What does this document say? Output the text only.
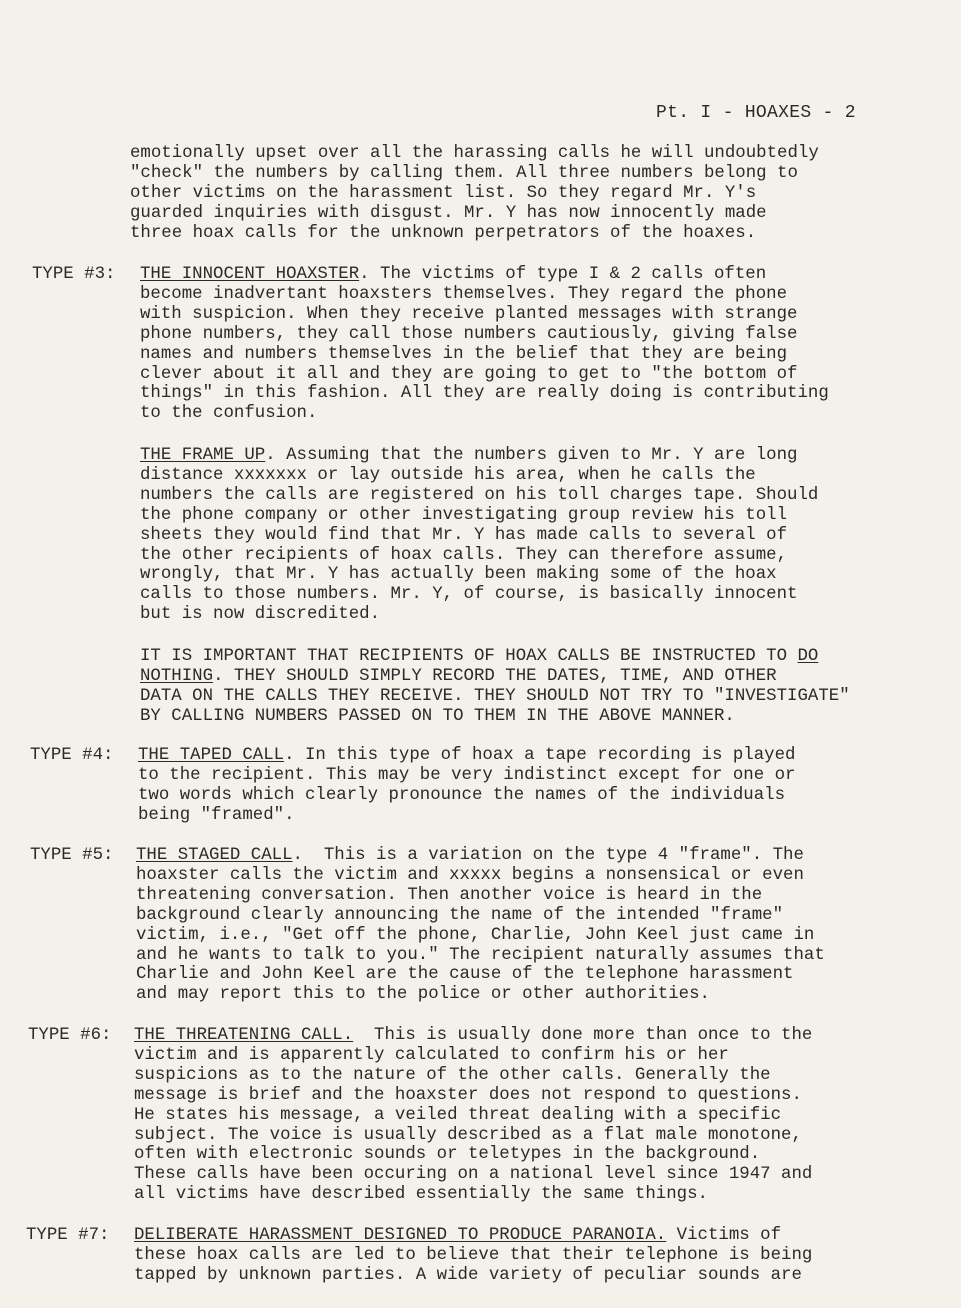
Pt. I - HOAXES - 2
emotionally upset over all the harassing calls he will undoubtedly
"check" the numbers by calling them. All three numbers belong to
other victims on the harassment list. So they regard Mr. Y's
guarded inquiries with disgust. Mr. Y has now innocently made
three hoax calls for the unknown perpetrators of the hoaxes.
TYPE #3: THE INNOCENT HOAXSTER. The victims of type I & 2 calls often
become inadvertant hoaxsters themselves. They regard the phone
with suspicion. When they receive planted messages with strange
phone numbers, they call those numbers cautiously, giving false
names and numbers themselves in the belief that they are being
clever about it all and they are going to get to "the bottom of
things" in this fashion. All they are really doing is contributing
to the confusion.
THE FRAME UP. Assuming that the numbers given to Mr. Y are long
distance xxxxxxx or lay outside his area, when he calls the
numbers the calls are registered on his toll charges tape. Should
the phone company or other investigating group review his toll
sheets they would find that Mr. Y has made calls to several of
the other recipients of hoax calls. They can therefore assume,
wrongly, that Mr. Y has actually been making some of the hoax
calls to those numbers. Mr. Y, of course, is basically innocent
but is now discredited.
IT IS IMPORTANT THAT RECIPIENTS OF HOAX CALLS BE INSTRUCTED TO DO
NOTHING. THEY SHOULD SIMPLY RECORD THE DATES, TIME, AND OTHER
DATA ON THE CALLS THEY RECEIVE. THEY SHOULD NOT TRY TO "INVESTIGATE"
BY CALLING NUMBERS PASSED ON TO THEM IN THE ABOVE MANNER.
TYPE #4: THE TAPED CALL. In this type of hoax a tape recording is played
to the recipient. This may be very indistinct except for one or
two words which clearly pronounce the names of the individuals
being "framed".
TYPE #5: THE STAGED CALL.  This is a variation on the type 4 "frame". The
hoaxster calls the victim and xxxxx begins a nonsensical or even
threatening conversation. Then another voice is heard in the
background clearly announcing the name of the intended "frame"
victim, i.e., "Get off the phone, Charlie, John Keel just came in
and he wants to talk to you." The recipient naturally assumes that
Charlie and John Keel are the cause of the telephone harassment
and may report this to the police or other authorities.
TYPE #6: THE THREATENING CALL.  This is usually done more than once to the
victim and is apparently calculated to confirm his or her
suspicions as to the nature of the other calls. Generally the
message is brief and the hoaxster does not respond to questions.
He states his message, a veiled threat dealing with a specific
subject. The voice is usually described as a flat male monotone,
often with electronic sounds or teletypes in the background.
These calls have been occuring on a national level since 1947 and
all victims have described essentially the same things.
TYPE #7: DELIBERATE HARASSMENT DESIGNED TO PRODUCE PARANOIA. Victims of
these hoax calls are led to believe that their telephone is being
tapped by unknown parties. A wide variety of peculiar sounds are
